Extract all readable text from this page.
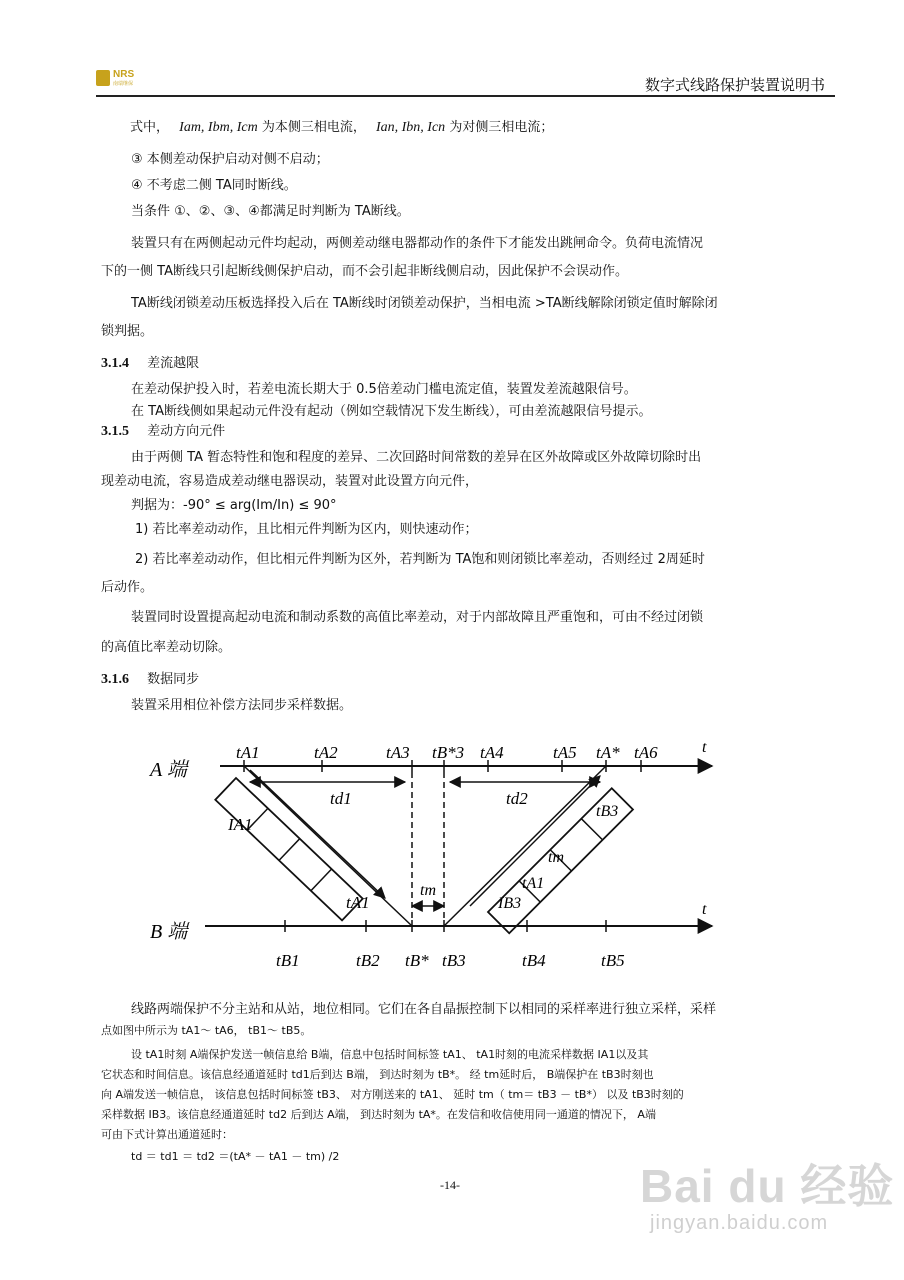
NRS
南瑞继保	数字式线路保护装置说明书
式中， Iam, Ibm, Icm 为本侧三相电流， Ian, Ibn, Icn 为对侧三相电流；
③ 本侧差动保护启动对侧不启动；
④ 不考虑二侧 TA同时断线。
当条件 ①、②、③、④都满足时判断为 TA断线。
装置只有在两侧起动元件均起动，两侧差动继电器都动作的条件下才能发出跳闸命令。负荷电流情况
下的一侧 TA断线只引起断线侧保护启动，而不会引起非断线侧启动，因此保护不会误动作。
TA断线闭锁差动压板选择投入后在 TA断线时闭锁差动保护，当相电流 >TA断线解除闭锁定值时解除闭
锁判据。
3.1.4 差流越限
在差动保护投入时，若差电流长期大于 0.5倍差动门槛电流定值，装置发差流越限信号。
在 TA断线侧如果起动元件没有起动（例如空载情况下发生断线），可由差流越限信号提示。
3.1.5 差动方向元件
由于两侧 TA 暂态特性和饱和程度的差异、二次回路时间常数的差异在区外故障或区外故障切除时出
现差动电流，容易造成差动继电器误动，装置对此设置方向元件，
判据为：-90° ≤ arg(Im/In) ≤ 90°
1) 若比率差动动作，且比相元件判断为区内，则快速动作；
2) 若比率差动动作，但比相元件判断为区外，若判断为 TA饱和则闭锁比率差动，否则经过 2周延时
后动作。
装置同时设置提高起动电流和制动系数的高值比率差动，对于内部故障且严重饱和，可由不经过闭锁
的高值比率差动切除。
3.1.6 数据同步
装置采用相位补偿方法同步采样数据。
A 端
B 端
t
t
tA1	tA2	tA3 tB*3 tA4	tA5 tA* tA6
tB1	tB2 tB* tB3	tB4	tB5
td1	td2
tm
IA1
tA1
tB3
tm
tA1
IB3
线路两端保护不分主站和从站，地位相同。它们在各自晶振控制下以相同的采样率进行独立采样，采样
点如图中所示为 tA1～ tA6， tB1～ tB5。
设 tA1时刻 A端保护发送一帧信息给 B端，信息中包括时间标签 tA1、 tA1时刻的电流采样数据 IA1以及其
它状态和时间信息。该信息经通道延时 td1后到达 B端， 到达时刻为 tB*。 经 tm延时后， B端保护在 tB3时刻也
向 A端发送一帧信息， 该信息包括时间标签 tB3、 对方刚送来的 tA1、 延时 tm（ tm＝ tB3 － tB*） 以及 tB3时刻的
采样数据 IB3。该信息经通道延时 td2 后到达 A端， 到达时刻为 tA*。在发信和收信使用同一通道的情况下， A端
可由下式计算出通道延时：
td ＝ td1 ＝ td2 ＝(tA* － tA1 － tm) /2
-14-	Bai du 经验
jingyan.baidu.com
